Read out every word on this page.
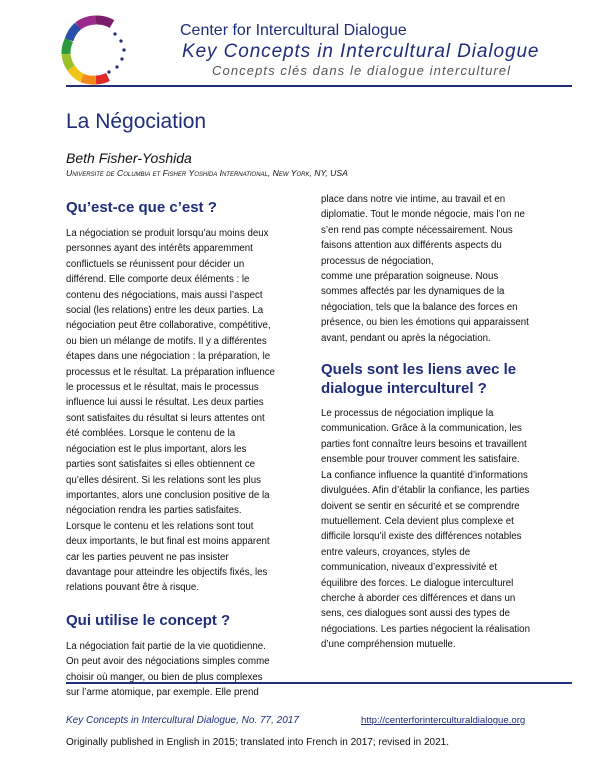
Center for Intercultural Dialogue
Key Concepts in Intercultural Dialogue
Concepts clés dans le dialogue interculturel
La Négociation
Beth Fisher-Yoshida
Universite de Columbia et Fisher Yoshida International, New York, NY, USA
Qu’est-ce que c’est ?
La négociation se produit lorsqu’au moins deux
personnes ayant des intérêts apparemment
conflictuels se réunissent pour décider un
différend. Elle comporte deux éléments : le
contenu des négociations, mais aussi l’aspect
social (les relations) entre les deux parties. La
négociation peut être collaborative, compétitive,
ou bien un mélange de motifs. Il y a différentes
étapes dans une négociation : la préparation, le
processus et le résultat. La préparation influence
le processus et le résultat, mais le processus
influence lui aussi le résultat. Les deux parties
sont satisfaites du résultat si leurs attentes ont
été comblées. Lorsque le contenu de la
négociation est le plus important, alors les
parties sont satisfaites si elles obtiennent ce
qu’elles désirent. Si les relations sont les plus
importantes, alors une conclusion positive de la
négociation rendra les parties satisfaites.
Lorsque le contenu et les relations sont tout
deux importants, le but final est moins apparent
car les parties peuvent ne pas insister
davantage pour atteindre les objectifs fixés, les
relations pouvant être à risque.
Qui utilise le concept ?
La négociation fait partie de la vie quotidienne.
On peut avoir des négociations simples comme
choisir où manger, ou bien de plus complexes
sur l’arme atomique, par exemple. Elle prend
place dans notre vie intime, au travail et en
diplomatie. Tout le monde négocie, mais l’on ne
s’en rend pas compte nécessairement. Nous
faisons attention aux différents aspects du
processus de négociation,
comme une préparation soigneuse. Nous
sommes affectés par les dynamiques de la
négociation, tels que la balance des forces en
présence, ou bien les émotions qui apparaissent
avant, pendant ou après la négociation.
Quels sont les liens avec le dialogue interculturel ?
Le processus de négociation implique la
communication. Grâce à la communication, les
parties font connaître leurs besoins et travaillent
ensemble pour trouver comment les satisfaire.
La confiance influence la quantité d’informations
divulguées. Afin d’établir la confiance, les parties
doivent se sentir en sécurité et se comprendre
mutuellement. Cela devient plus complexe et
difficile lorsqu’il existe des différences notables
entre valeurs, croyances, styles de
communication, niveaux d’expressivité et
équilibre des forces. Le dialogue interculturel
cherche à aborder ces différences et dans un
sens, ces dialogues sont aussi des types de
négociations. Les parties négocient la réalisation
d’une compréhension mutuelle.
Key Concepts in Intercultural Dialogue, No. 77, 2017	http://centerforinterculturaldialogue.org
Originally published in English in 2015; translated into French in 2017; revised in 2021.
